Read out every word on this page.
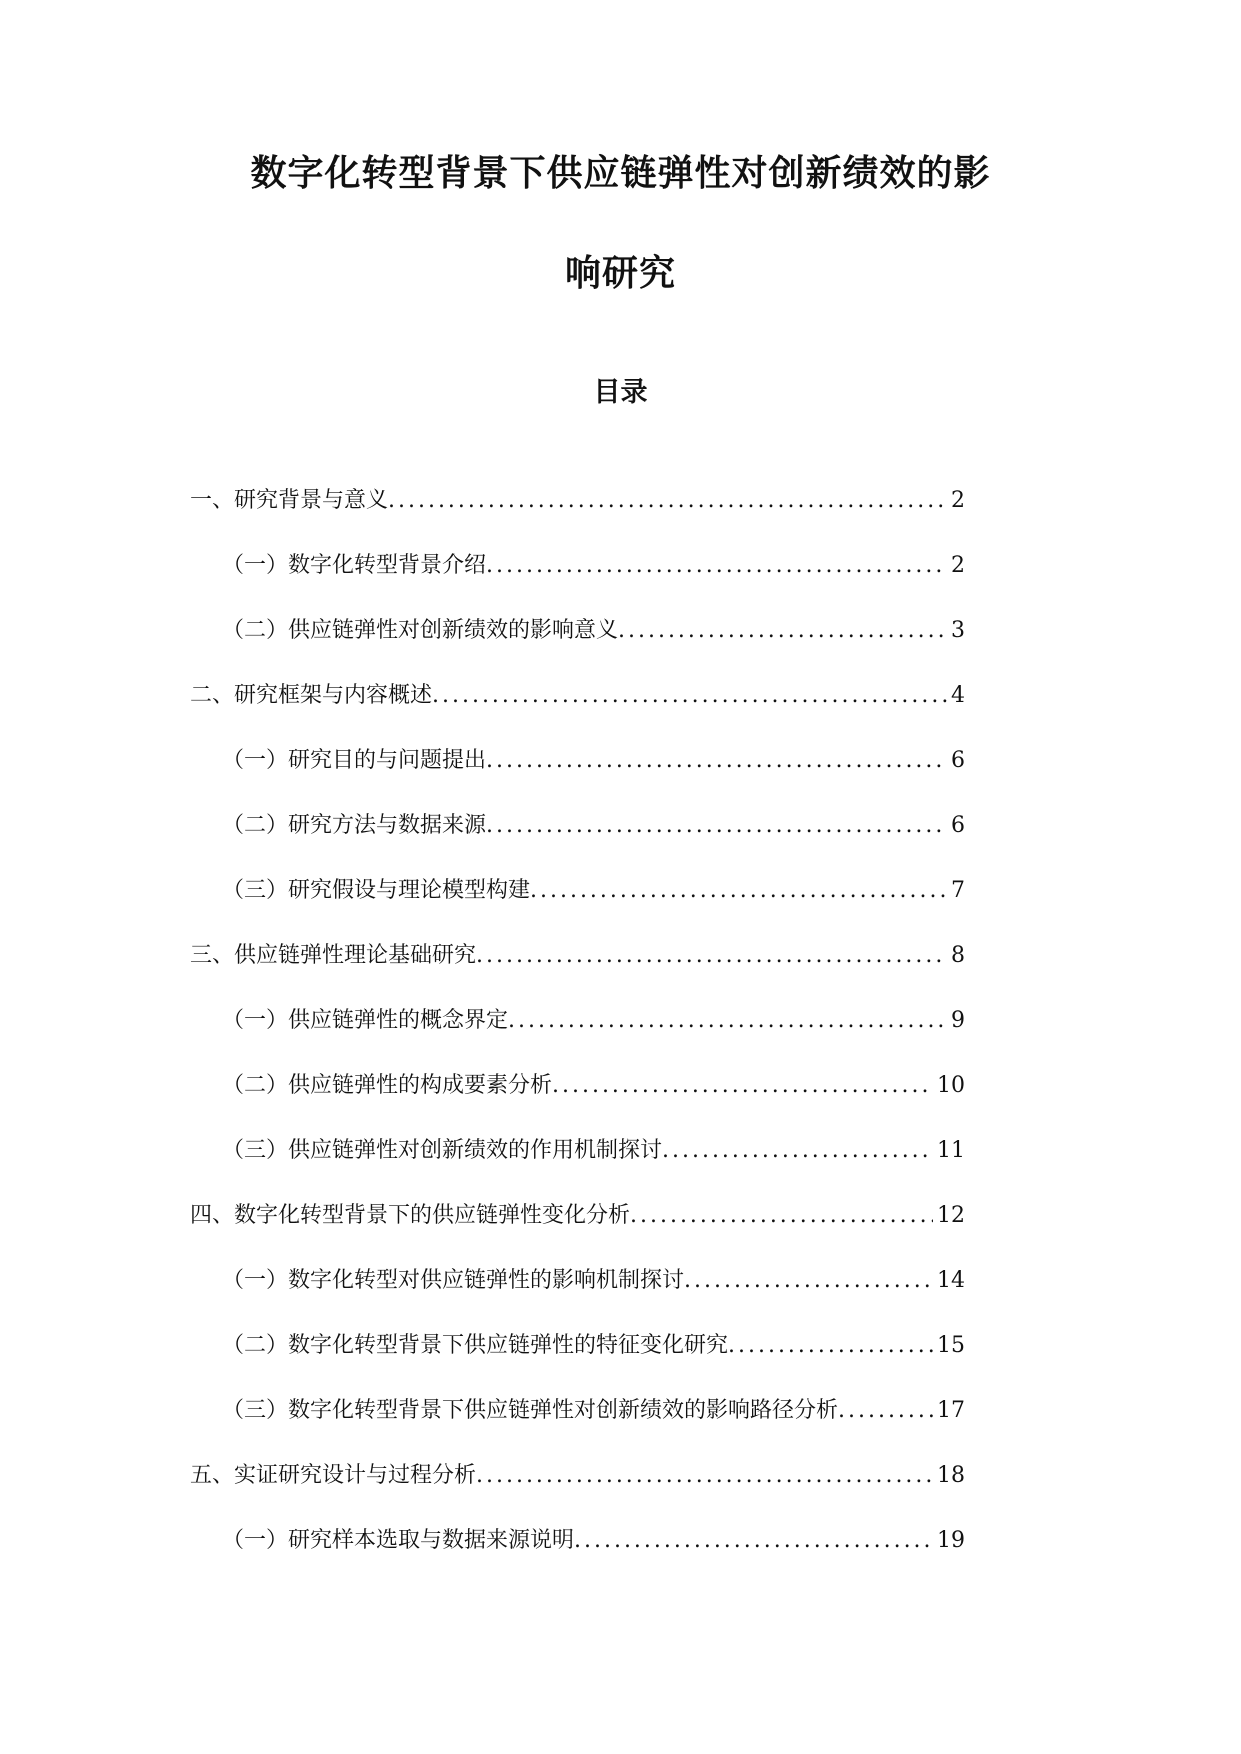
数字化转型背景下供应链弹性对创新绩效的影
响研究
目录
一、研究背景与意义 . . .	2
（一）数字化转型背景介绍 . . .	2
（二）供应链弹性对创新绩效的影响意义 . . .	3
二、研究框架与内容概述 . . .	4
（一）研究目的与问题提出 . . .	6
（二）研究方法与数据来源 . . .	6
（三）研究假设与理论模型构建 . . .	7
三、供应链弹性理论基础研究 . . .	8
（一）供应链弹性的概念界定 . . .	9
（二）供应链弹性的构成要素分析 . . .	10
（三）供应链弹性对创新绩效的作用机制探讨 . . .	11
四、数字化转型背景下的供应链弹性变化分析 . . .	12
（一）数字化转型对供应链弹性的影响机制探讨 . . .	14
（二）数字化转型背景下供应链弹性的特征变化研究 . . .	15
（三）数字化转型背景下供应链弹性对创新绩效的影响路径分析 . . .	17
五、实证研究设计与过程分析 . . .	18
（一）研究样本选取与数据来源说明 . . .	19
